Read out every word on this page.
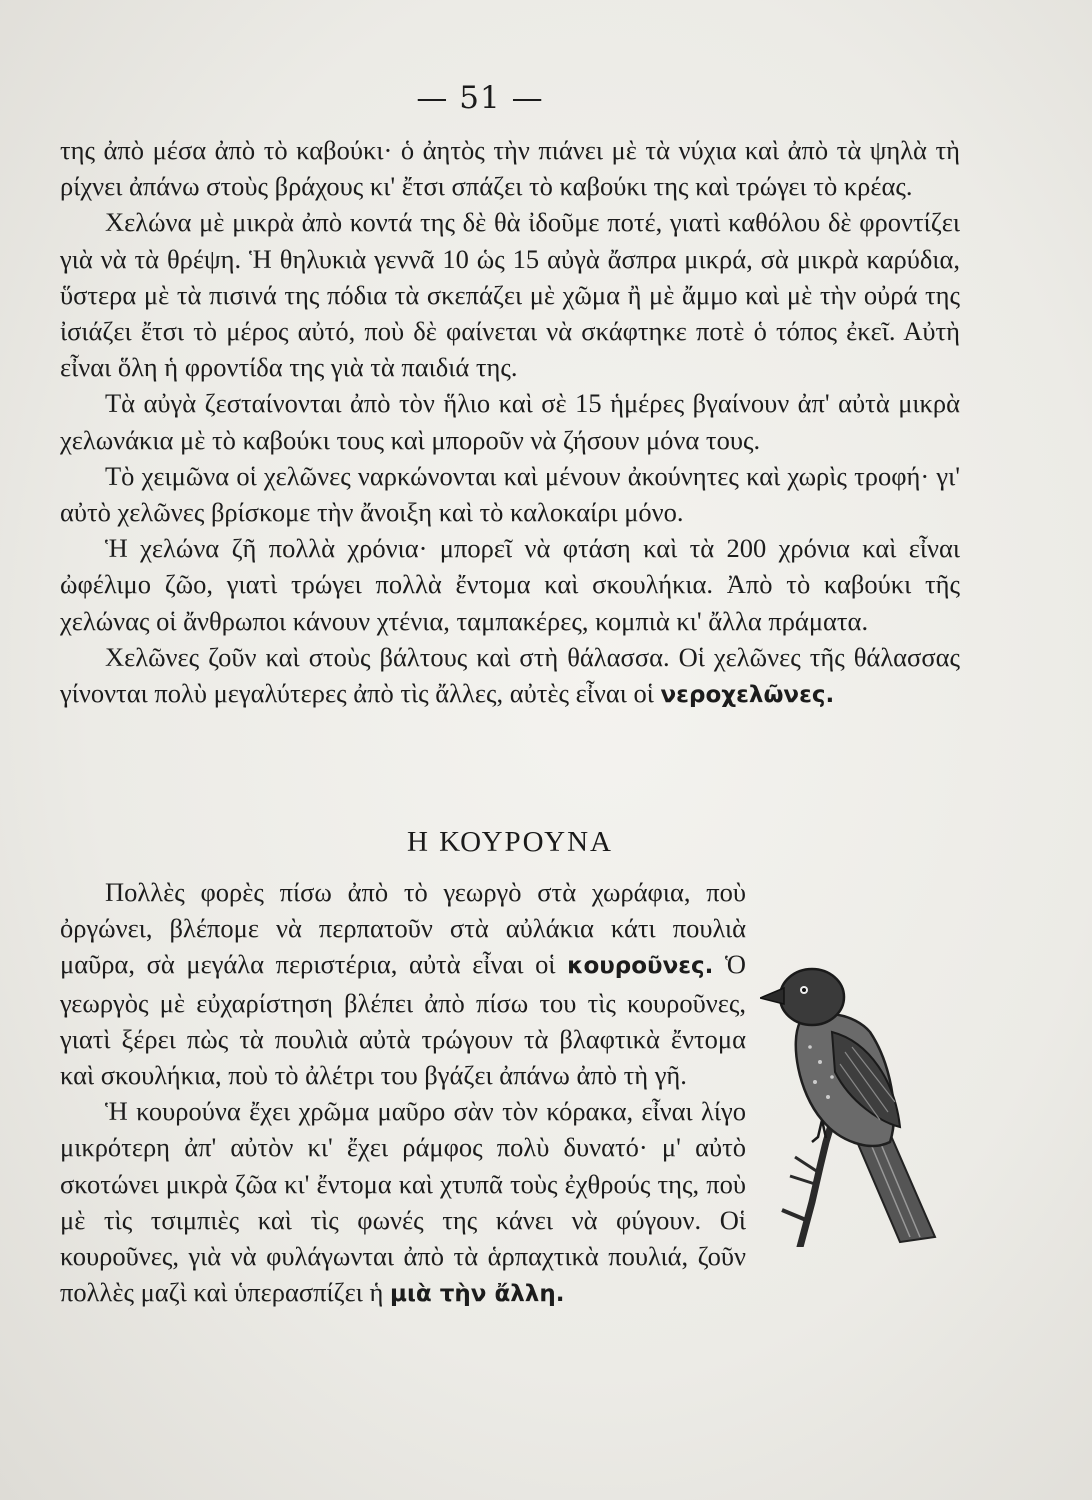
— 51 —

της ἀπὸ μέσα ἀπὸ τὸ καβούκι· ὁ ἀητὸς τὴν πιάνει μὲ τὰ νύχια καὶ ἀπὸ τὰ ψηλὰ τὴ ρίχνει ἀπάνω στοὺς βράχους κι' ἔτσι σπάζει τὸ καβούκι της καὶ τρώγει τὸ κρέας.

Χελώνα μὲ μικρὰ ἀπὸ κοντά της δὲ θὰ ἰδοῦμε ποτέ, γιατὶ καθόλου δὲ φροντίζει γιὰ νὰ τὰ θρέψη. Ἡ θηλυκιὰ γεννᾶ 10 ὡς 15 αὐγὰ ἄσπρα μικρά, σὰ μικρὰ καρύδια, ὕστερα μὲ τὰ πισινά της πόδια τὰ σκεπάζει μὲ χῶμα ἢ μὲ ἄμμο καὶ μὲ τὴν οὐρά της ἰσιάζει ἔτσι τὸ μέρος αὐτό, ποὺ δὲ φαίνεται νὰ σκάφτηκε ποτὲ ὁ τόπος ἐκεῖ. Αὐτὴ εἶναι ὅλη ἡ φροντίδα της γιὰ τὰ παιδιά της.

Τὰ αὐγὰ ζεσταίνονται ἀπὸ τὸν ἥλιο καὶ σὲ 15 ἡμέρες βγαίνουν ἀπ' αὐτὰ μικρὰ χελωνάκια μὲ τὸ καβούκι τους καὶ μποροῦν νὰ ζήσουν μόνα τους.

Τὸ χειμῶνα οἱ χελῶνες ναρκώνονται καὶ μένουν ἀκούνητες καὶ χωρὶς τροφή· γι' αὐτὸ χελῶνες βρίσκομε τὴν ἄνοιξη καὶ τὸ καλοκαίρι μόνο.

Ἡ χελώνα ζῆ πολλὰ χρόνια· μπορεῖ νὰ φτάση καὶ τὰ 200 χρόνια καὶ εἶναι ὠφέλιμο ζῶο, γιατὶ τρώγει πολλὰ ἔντομα καὶ σκουλήκια. Ἀπὸ τὸ καβούκι τῆς χελώνας οἱ ἄνθρωποι κάνουν χτένια, ταμπακέρες, κομπιὰ κι' ἄλλα πράματα.

Χελῶνες ζοῦν καὶ στοὺς βάλτους καὶ στὴ θάλασσα. Οἱ χελῶνες τῆς θάλασσας γίνονται πολὺ μεγαλύτερες ἀπὸ τὶς ἄλλες, αὐτὲς εἶναι οἱ νεροχελῶνες.

Η ΚΟΥΡΟΥΝΑ

Πολλὲς φορὲς πίσω ἀπὸ τὸ γεωργὸ στὰ χωράφια, ποὺ ὀργώνει, βλέπομε νὰ περπατοῦν στὰ αὐλάκια κάτι πουλιὰ μαῦρα, σὰ μεγάλα περιστέρια, αὐτὰ εἶναι οἱ κουροῦνες. Ὁ γεωργὸς μὲ εὐχαρίστηση βλέπει ἀπὸ πίσω του τὶς κουροῦνες, γιατὶ ξέρει πὼς τὰ πουλιὰ αὐτὰ τρώγουν τὰ βλαφτικὰ ἔντομα καὶ σκουλήκια, ποὺ τὸ ἀλέτρι του βγάζει ἀπάνω ἀπὸ τὴ γῆ.

Ἡ κουρούνα ἔχει χρῶμα μαῦρο σὰν τὸν κόρακα, εἶναι λίγο μικρότερη ἀπ' αὐτὸν κι' ἔχει ράμφος πολὺ δυνατό· μ' αὐτὸ σκοτώνει μικρὰ ζῶα κι' ἔντομα καὶ χτυπᾶ τοὺς ἐχθρούς της, ποὺ μὲ τὶς τσιμπιὲς καὶ τὶς φωνές της κάνει νὰ φύγουν. Οἱ κουροῦνες, γιὰ νὰ φυλάγωνται ἀπὸ τὰ ἁρπαχτικὰ πουλιά, ζοῦν πολλὲς μαζὶ καὶ ὑπερασπίζει ἡ μιὰ τὴν ἄλλη.
